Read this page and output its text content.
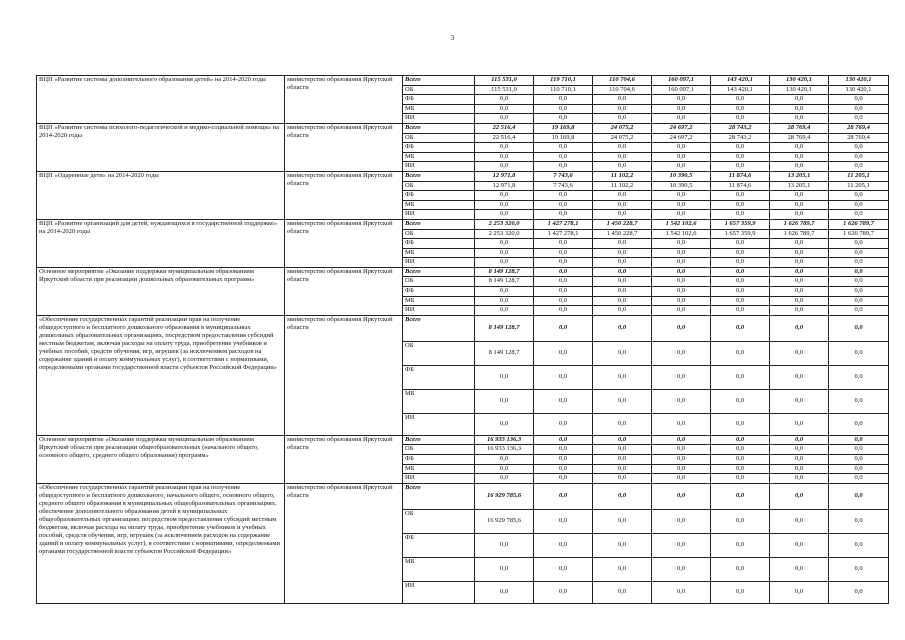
3
ВЦП «Развитие системы дополнительного образования детей» на 2014-2020 годы	министерство образования Иркутской области	Всего	115 531,0	119 710,1	110 704,6	160 097,1	143 420,1	130 420,1	130 420,1
		ОБ	115 531,0	110 710,1	110 704,6	160 097,1	143 420,1	130 420,1	130 420,1
		ФБ	0,0	0,0	0,0	0,0	0,0	0,0	0,0
		МБ	0,0	0,0	0,0	0,0	0,0	0,0	0,0
		ИИ	0,0	0,0	0,0	0,0	0,0	0,0	0,0
ВЦП «Развитие системы психолого-педагогической и медико-социальной помощи» на 2014-2020 годы	министерство образования Иркутской области	Всего	22 516,4	19 169,8	24 075,2	24 697,2	28 743,2	28 769,4	28 769,4
		ОБ	22 516,4	19 169,8	24 075,2	24 697,2	28 743,2	28 769,4	28 769,4
		ФБ	0,0	0,0	0,0	0,0	0,0	0,0	0,0
		МБ	0,0	0,0	0,0	0,0	0,0	0,0	0,0
		ИИ	0,0	0,0	0,0	0,0	0,0	0,0	0,0
ВЦП «Одаренные дети» на 2014-2020 годы	министерство образования Иркутской области	Всего	12 971,8	7 743,6	11 102,2	10 390,5	11 874,6	13 205,1	11 205,1
		ОБ	12 971,8	7 743,6	11 102,2	10 390,5	11 874,6	13 205,1	11 205,1
		ФБ	0,0	0,0	0,0	0,0	0,0	0,0	0,0
		МБ	0,0	0,0	0,0	0,0	0,0	0,0	0,0
		ИИ	0,0	0,0	0,0	0,0	0,0	0,0	0,0
ВЦП «Развитие организаций для детей, нуждающихся в государственной поддержке» на 2014-2020 годы	министерство образования Иркутской области	Всего	2 253 320,0	1 427 278,1	1 450 228,7	1 542 102,6	1 657 359,9	1 626 789,7	1 626 789,7
		ОБ	2 253 320,0	1 427 278,1	1 450 228,7	1 542 102,6	1 657 359,9	1 626 789,7	1 626 789,7
		ФБ	0,0	0,0	0,0	0,0	0,0	0,0	0,0
		МБ	0,0	0,0	0,0	0,0	0,0	0,0	0,0
		ИИ	0,0	0,0	0,0	0,0	0,0	0,0	0,0
Основное мероприятие «Оказание поддержки муниципальным образованиям Иркутской области при реализации дошкольных образовательных программ»	министерство образования Иркутской области	Всего	8 149 128,7	0,0	0,0	0,0	0,0	0,0	0,0
		ОБ	8 149 128,7	0,0	0,0	0,0	0,0	0,0	0,0
		ФБ	0,0	0,0	0,0	0,0	0,0	0,0	0,0
		МБ	0,0	0,0	0,0	0,0	0,0	0,0	0,0
		ИИ	0,0	0,0	0,0	0,0	0,0	0,0	0,0
«Обеспечение государственных гарантий реализации прав на получение общедоступного и бесплатного дошкольного образования в муниципальных дошкольных образовательных организациях, посредством предоставления субсидий местным бюджетам, включая расходы на оплату труда, приобретение учебников и учебных пособий, средств обучения, игр, игрушек (за исключением расходов на содержание зданий и оплату коммунальных услуг), в соответствии с нормативами, определяемыми органами государственной власти субъектов Российской Федерации»	министерство образования Иркутской области	Всего	8 149 128,7	0,0	0,0	0,0	0,0	0,0	0,0
		ОБ	8 149 128,7	0,0	0,0	0,0	0,0	0,0	0,0
		ФБ	0,0	0,0	0,0	0,0	0,0	0,0	0,0
		МБ	0,0	0,0	0,0	0,0	0,0	0,0	0,0
		ИИ	0,0	0,0	0,0	0,0	0,0	0,0	0,0
Основное мероприятие «Оказание поддержки муниципальным образованиям Иркутской области при реализации общеобразовательных (начального общего, основного общего, среднего общего образования) программ»	министерство образования Иркутской области	Всего	16 933 136,3	0,0	0,0	0,0	0,0	0,0	0,0
		ОБ	16 933 136,3	0,0	0,0	0,0	0,0	0,0	0,0
		ФБ	0,0	0,0	0,0	0,0	0,0	0,0	0,0
		МБ	0,0	0,0	0,0	0,0	0,0	0,0	0,0
		ИИ	0,0	0,0	0,0	0,0	0,0	0,0	0,0
«Обеспечение государственных гарантий реализации прав на получение общедоступного и бесплатного дошкольного, начального общего, основного общего, среднего общего образования в муниципальных общеобразовательных организациях, обеспечение дополнительного образования детей в муниципальных общеобразовательных организациях посредством предоставления субсидий местным бюджетам, включая расходы на оплату труда, приобретение учебников и учебных пособий, средств обучения, игр, игрушек (за исключением расходов на содержание зданий и оплату коммунальных услуг), в соответствии с нормативами, определяемыми органами государственной власти субъектов Российской Федерации»	министерство образования Иркутской области	Всего	16 929 785,6	0,0	0,0	0,0	0,0	0,0	0,0
		ОБ	16 929 785,6	0,0	0,0	0,0	0,0	0,0	0,0
		ФБ	0,0	0,0	0,0	0,0	0,0	0,0	0,0
		МБ	0,0	0,0	0,0	0,0	0,0	0,0	0,0
		ИИ	0,0	0,0	0,0	0,0	0,0	0,0	0,0
